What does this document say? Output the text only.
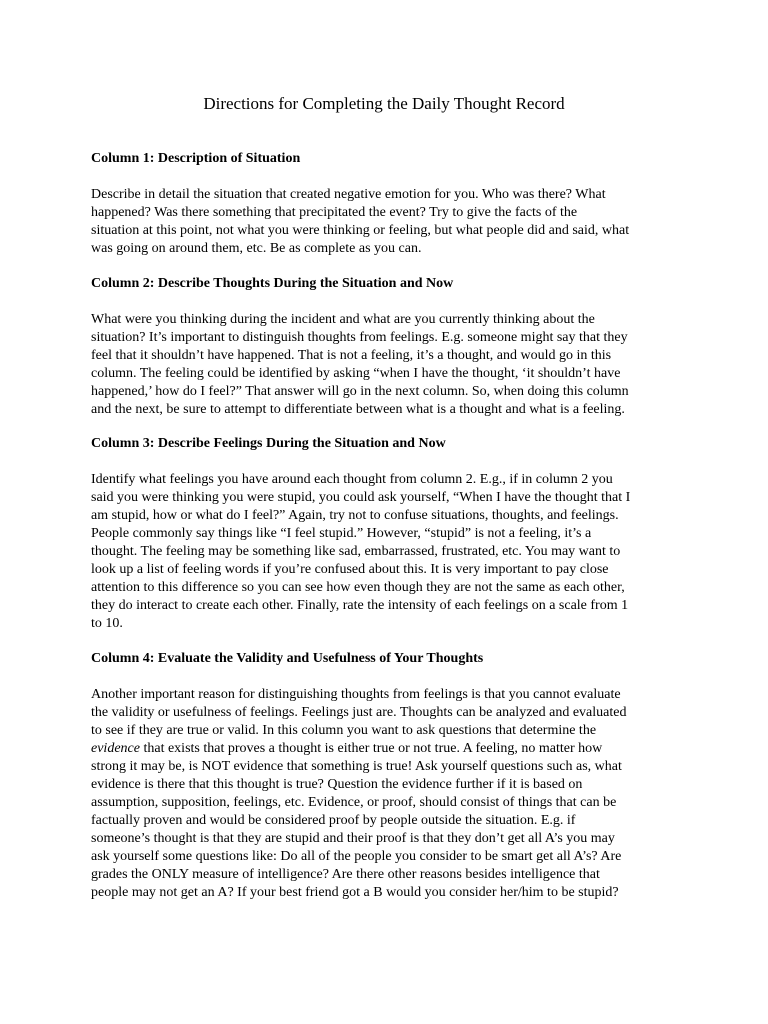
Directions for Completing the Daily Thought Record
Column 1: Description of Situation
Describe in detail the situation that created negative emotion for you. Who was there? What
happened? Was there something that precipitated the event? Try to give the facts of the
situation at this point, not what you were thinking or feeling, but what people did and said, what
was going on around them, etc. Be as complete as you can.
Column 2: Describe Thoughts During the Situation and Now
What were you thinking during the incident and what are you currently thinking about the
situation? It’s important to distinguish thoughts from feelings. E.g. someone might say that they
feel that it shouldn’t have happened. That is not a feeling, it’s a thought, and would go in this
column. The feeling could be identified by asking “when I have the thought, ‘it shouldn’t have
happened,’ how do I feel?” That answer will go in the next column. So, when doing this column
and the next, be sure to attempt to differentiate between what is a thought and what is a feeling.
Column 3: Describe Feelings During the Situation and Now
Identify what feelings you have around each thought from column 2. E.g., if in column 2 you
said you were thinking you were stupid, you could ask yourself, “When I have the thought that I
am stupid, how or what do I feel?” Again, try not to confuse situations, thoughts, and feelings.
People commonly say things like “I feel stupid.” However, “stupid” is not a feeling, it’s a
thought. The feeling may be something like sad, embarrassed, frustrated, etc. You may want to
look up a list of feeling words if you’re confused about this. It is very important to pay close
attention to this difference so you can see how even though they are not the same as each other,
they do interact to create each other. Finally, rate the intensity of each feelings on a scale from 1
to 10.
Column 4: Evaluate the Validity and Usefulness of Your Thoughts
Another important reason for distinguishing thoughts from feelings is that you cannot evaluate
the validity or usefulness of feelings. Feelings just are. Thoughts can be analyzed and evaluated
to see if they are true or valid. In this column you want to ask questions that determine the
evidence that exists that proves a thought is either true or not true. A feeling, no matter how
strong it may be, is NOT evidence that something is true! Ask yourself questions such as, what
evidence is there that this thought is true? Question the evidence further if it is based on
assumption, supposition, feelings, etc. Evidence, or proof, should consist of things that can be
factually proven and would be considered proof by people outside the situation. E.g. if
someone’s thought is that they are stupid and their proof is that they don’t get all A’s you may
ask yourself some questions like: Do all of the people you consider to be smart get all A’s? Are
grades the ONLY measure of intelligence? Are there other reasons besides intelligence that
people may not get an A? If your best friend got a B would you consider her/him to be stupid?
